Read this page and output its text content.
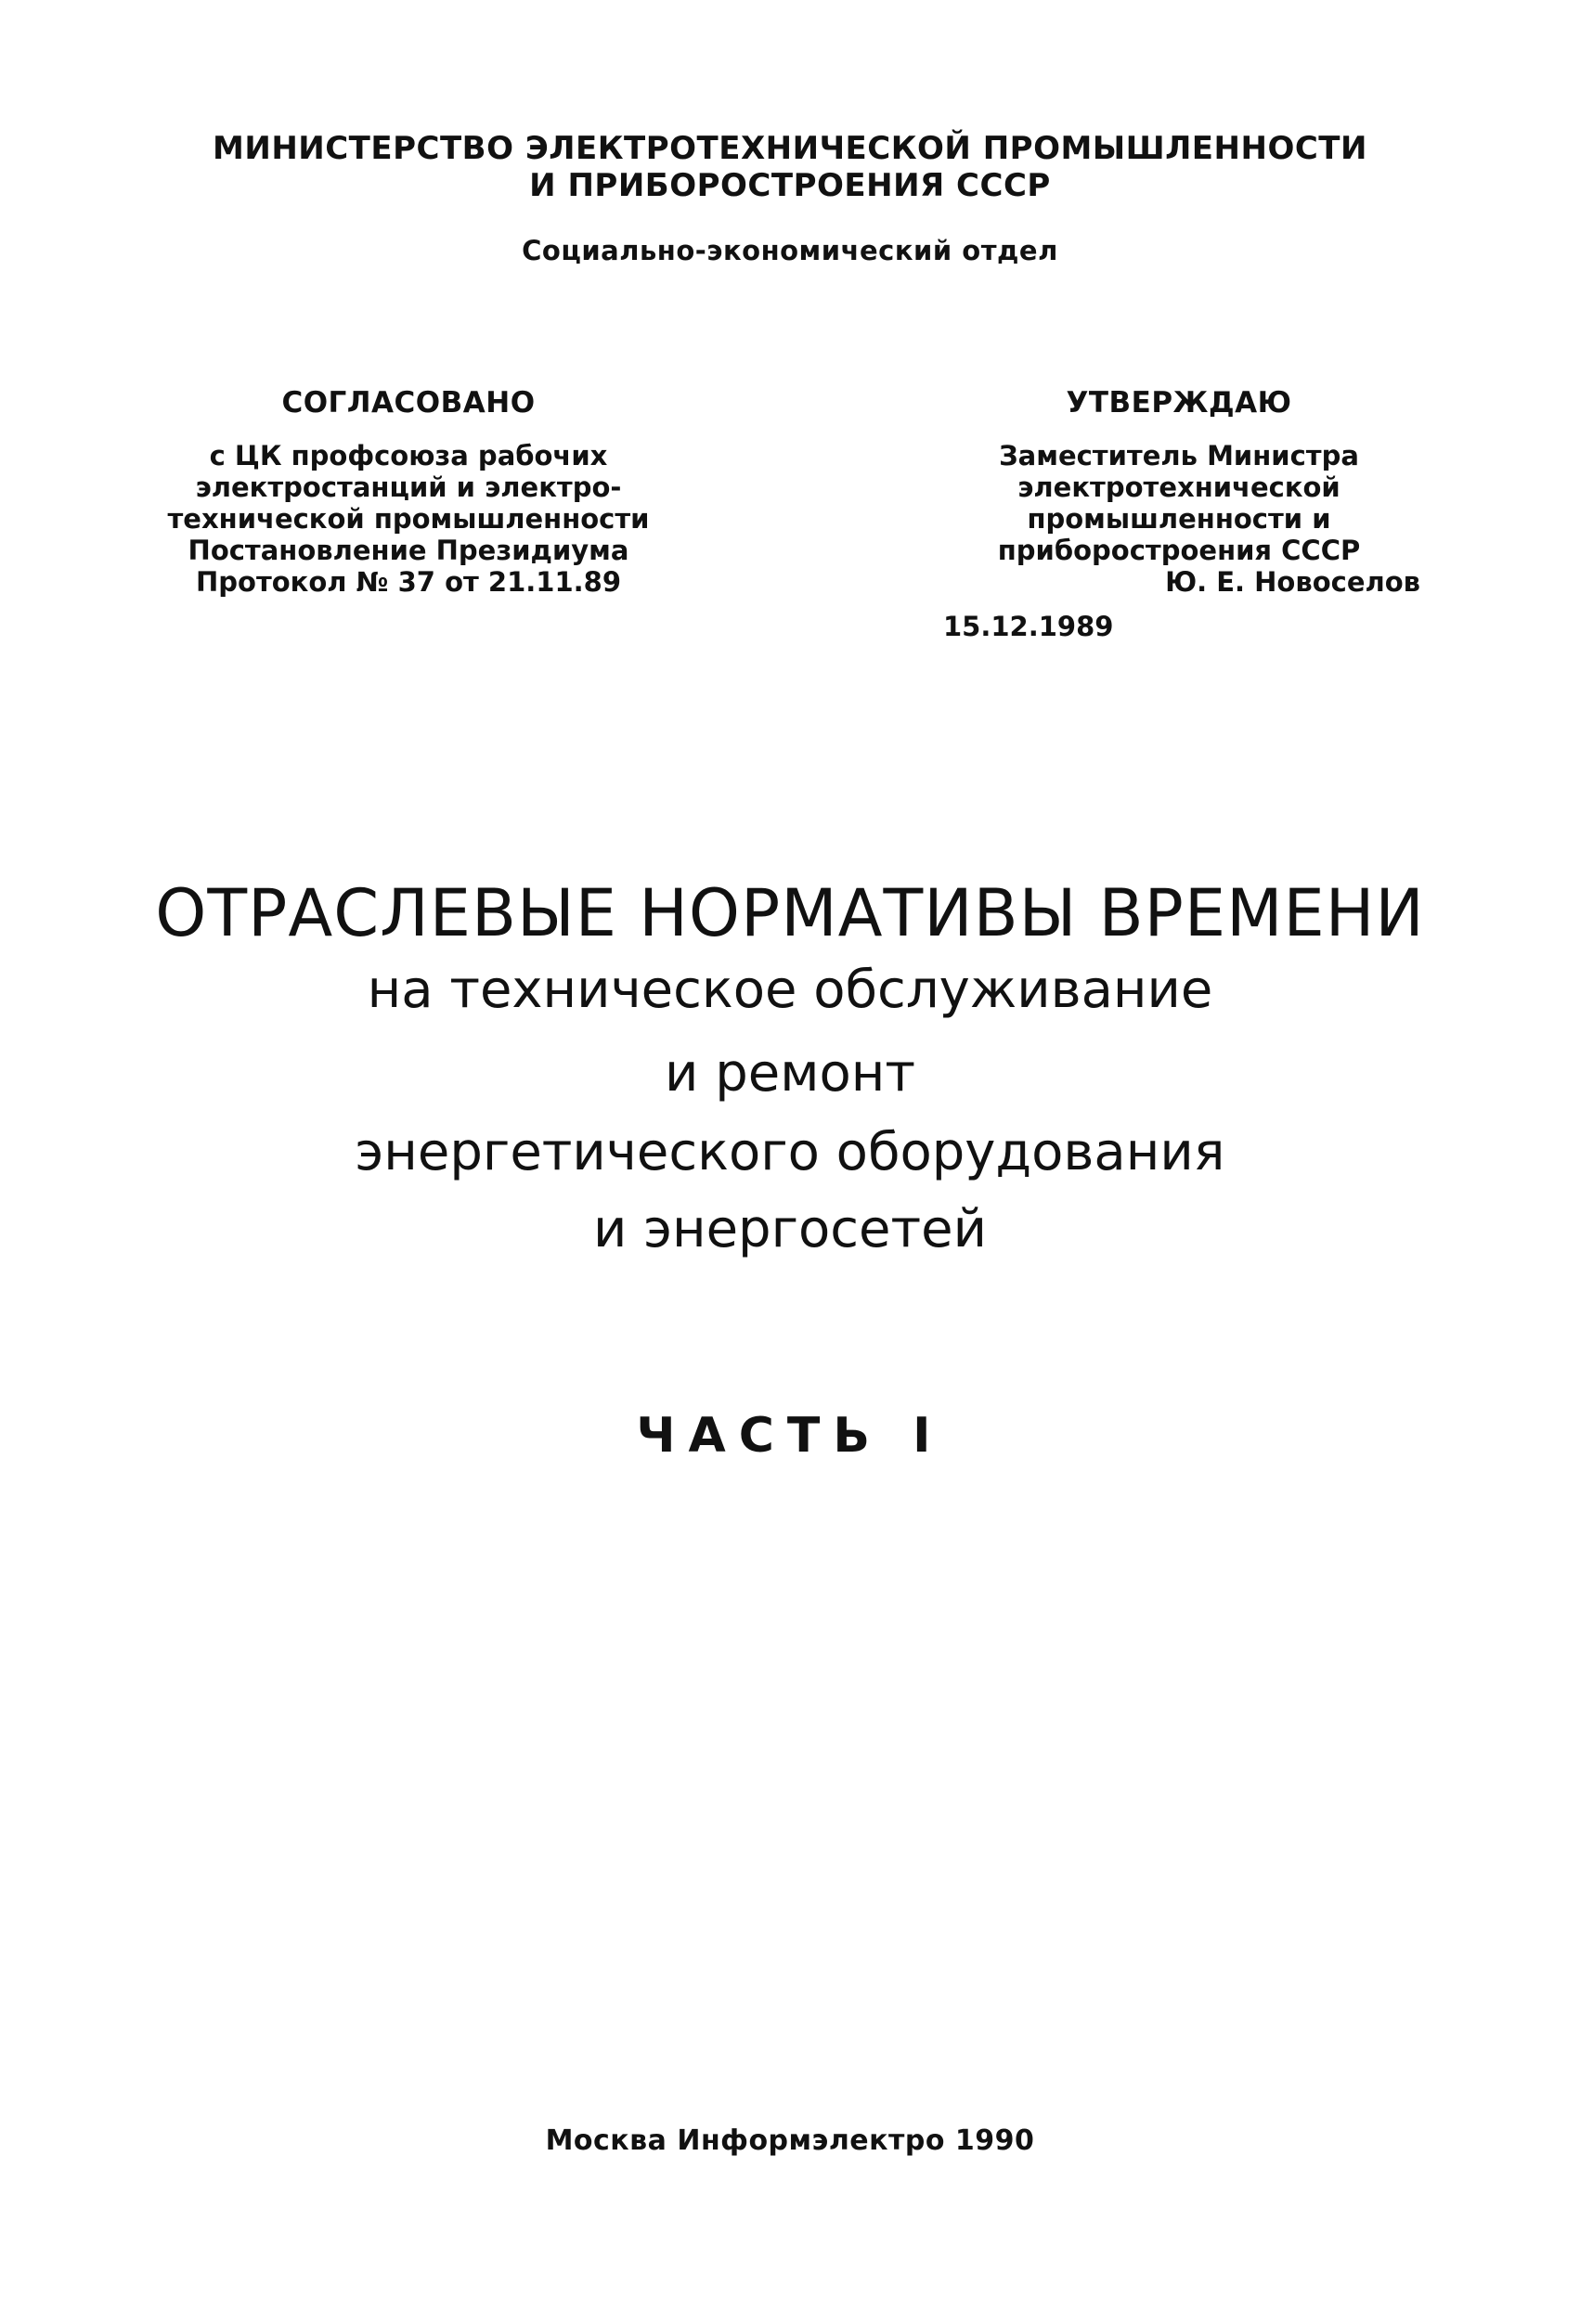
МИНИСТЕРСТВО ЭЛЕКТРОТЕХНИЧЕСКОЙ ПРОМЫШЛЕННОСТИ
И ПРИБОРОСТРОЕНИЯ СССР
Социально-экономический отдел
СОГЛАСОВАНО
с ЦК профсоюза рабочих
электростанций и электро-
технической промышленности
Постановление Президиума
Протокол № 37 от 21.11.89
УТВЕРЖДАЮ
Заместитель Министра
электротехнической
промышленности и
приборостроения СССР
Ю. Е. Новоселов
15.12.1989
ОТРАСЛЕВЫЕ НОРМАТИВЫ ВРЕМЕНИ
на техническое обслуживание
и ремонт
энергетического оборудования
и энергосетей
ЧАСТЬ I
Москва Информэлектро 1990
